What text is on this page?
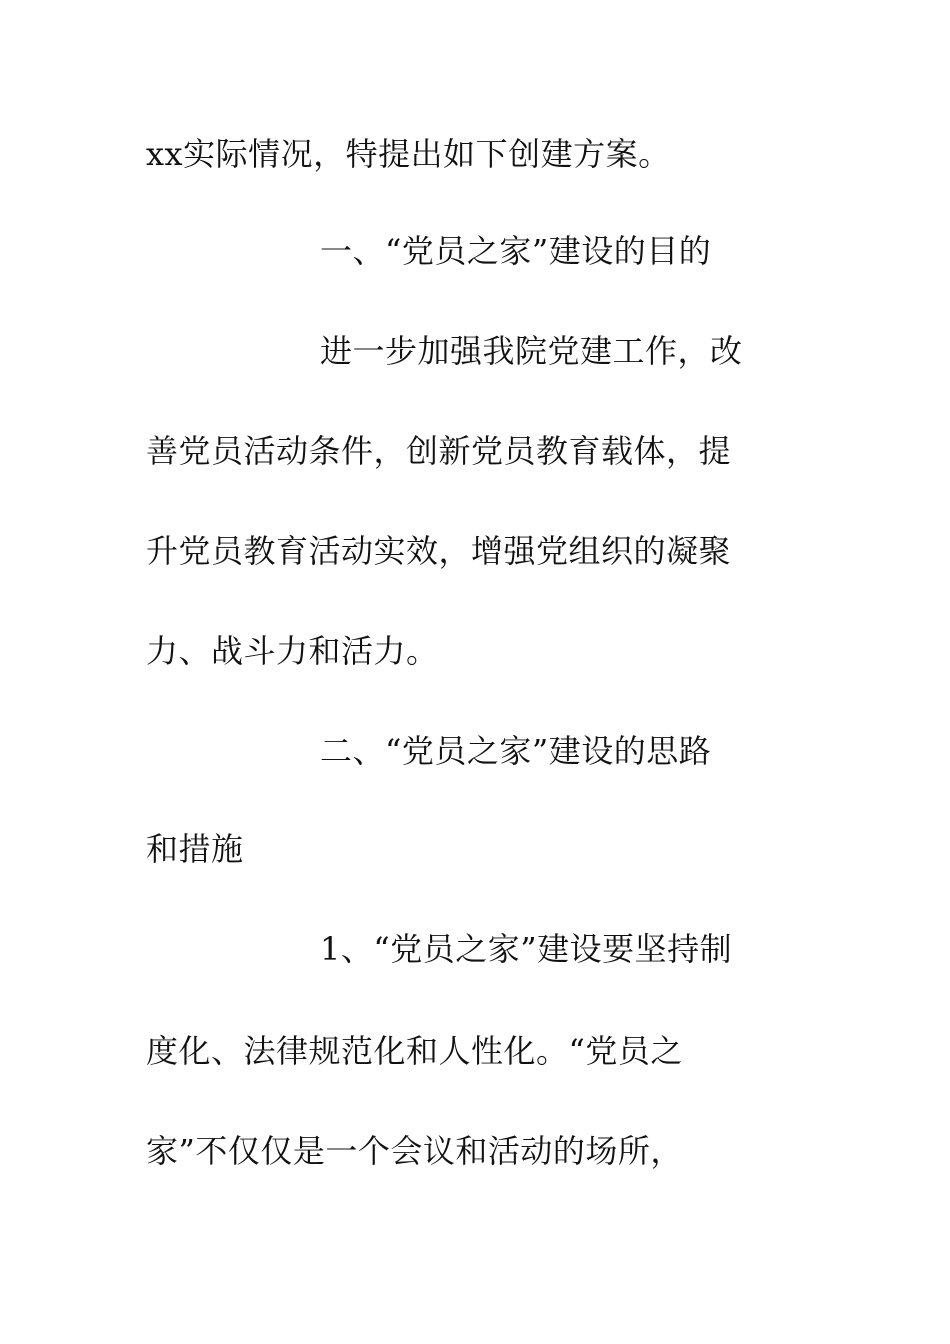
xx实际情况，特提出如下创建方案。
一、“党员之家”建设的目的
进一步加强我院党建工作，改
善党员活动条件，创新党员教育载体，提
升党员教育活动实效，增强党组织的凝聚
力、战斗力和活力。
二、“党员之家”建设的思路
和措施
1、“党员之家”建设要坚持制
度化、法律规范化和人性化。“党员之
家”不仅仅是一个会议和活动的场所，
